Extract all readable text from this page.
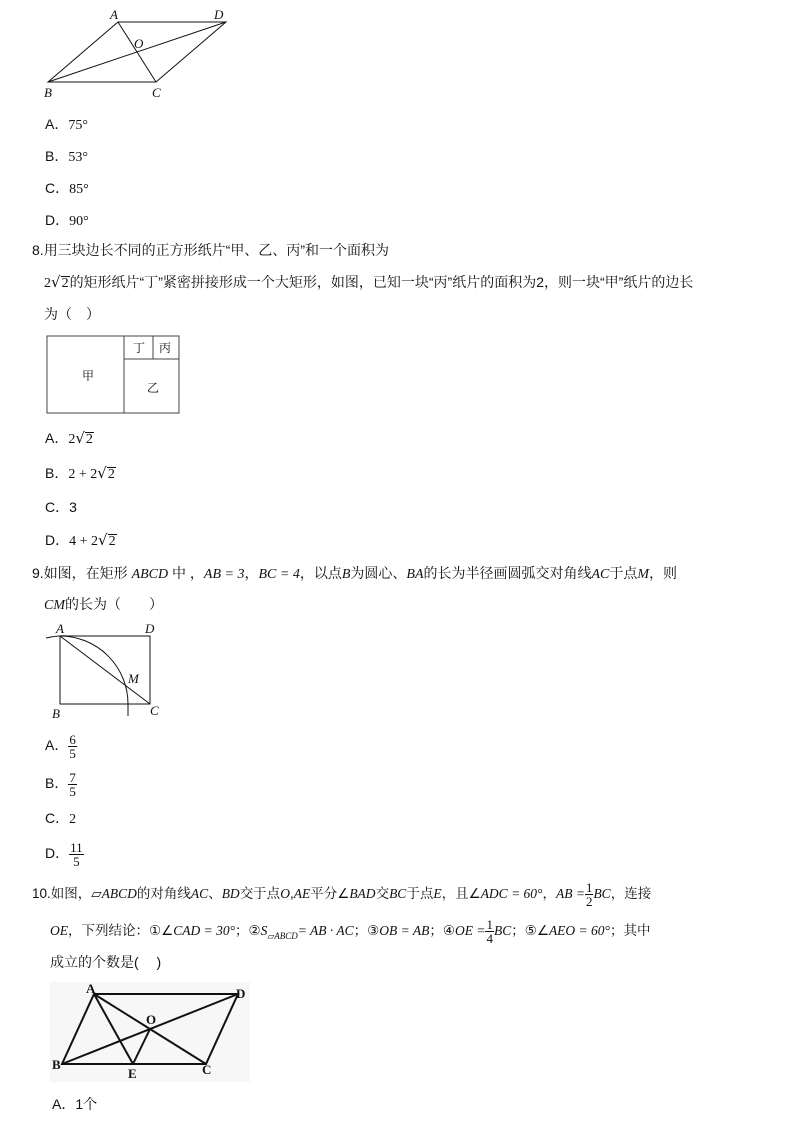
A	D
O
B	C
A．75°
B．53°
C．85°
D．90°
8.用三块边长不同的正方形纸片“甲、乙、丙”和一个面积为
2√2的矩形纸片“丁”紧密拼接形成一个大矩形，如图，已知一块“丙”纸片的面积为2，则一块“甲”纸片的边长
为（　）
甲
丁 丙
乙
A．2√2
B．2 + 2√2
C．3
D．4 + 2√2
9.如图，在矩形 ABCD 中 ，AB = 3，BC = 4，以点B为圆心、BA的长为半径画圆弧交对角线AC于点M，则
CM的长为（　　）
A	D
M
B	C
A． $\frac{6}{5}$
B． $\frac{7}{5}$
C．2
D． $\frac{11}{5}$
10.如图，▱ABCD的对角线AC、BD交于点O,AE平分∠BAD交BC于点E，且∠ADC = 60°，AB = $\frac{1}{2}$ BC，连接
OE，下列结论：①∠CAD = 30°；$②S_{▱ABCD}=$ AB · AC；③OB = AB；④OE = $\frac{1}{4}$ BC；⑤∠AEO = 60°；其中
成立的个数是(　 )
A	D
O
B
E	C
A．1个
